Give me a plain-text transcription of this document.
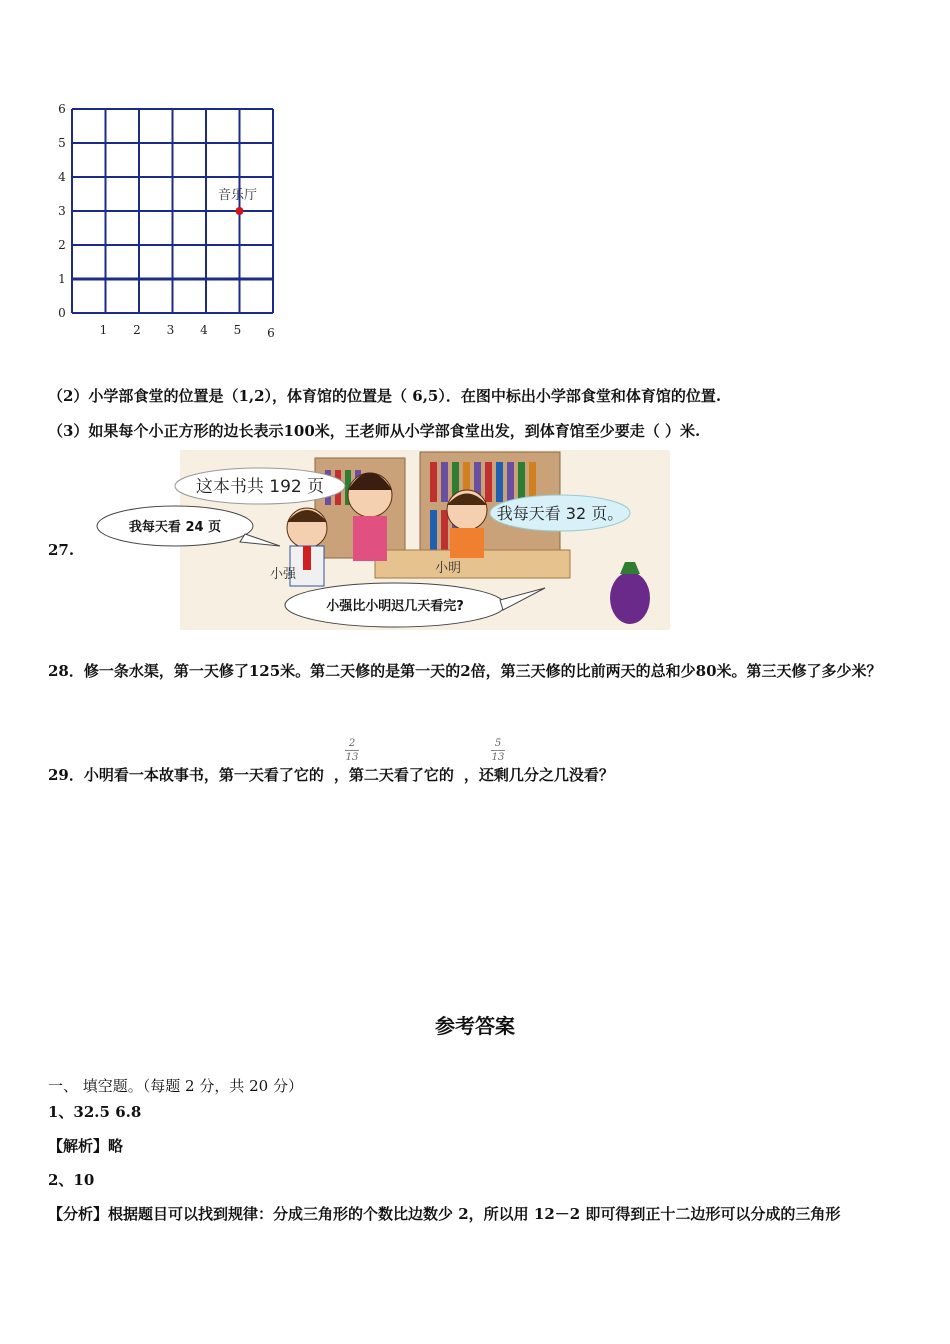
0
1
2
3
4
5
6
1 2 3 4 5 6
音乐厅
（2）小学部食堂的位置是（1,2），体育馆的位置是（ 6,5）．在图中标出小学部食堂和体育馆的位置.
（3）如果每个小正方形的边长表示100米，王老师从小学部食堂出发，到体育馆至少要走（ ）米.
27.
这本书共 192 页
我每天看 24 页
我每天看 32 页。
小强	小明
小强比小明迟几天看完?
28．修一条水渠，第一天修了125米。第二天修的是第一天的2倍，第三天修的比前两天的总和少80米。第三天修了多少米？
29．小明看一本故事书，第一天看了它的 ，第二天看了它的 ，还剩几分之几没看？
2
13
5
13
参考答案
一、 填空题。（每题 2 分，共 20 分）
1、32.5 6.8
【解析】略
2、10
【分析】根据题目可以找到规律：分成三角形的个数比边数少 2，所以用 12－2 即可得到正十二边形可以分成的三角形
